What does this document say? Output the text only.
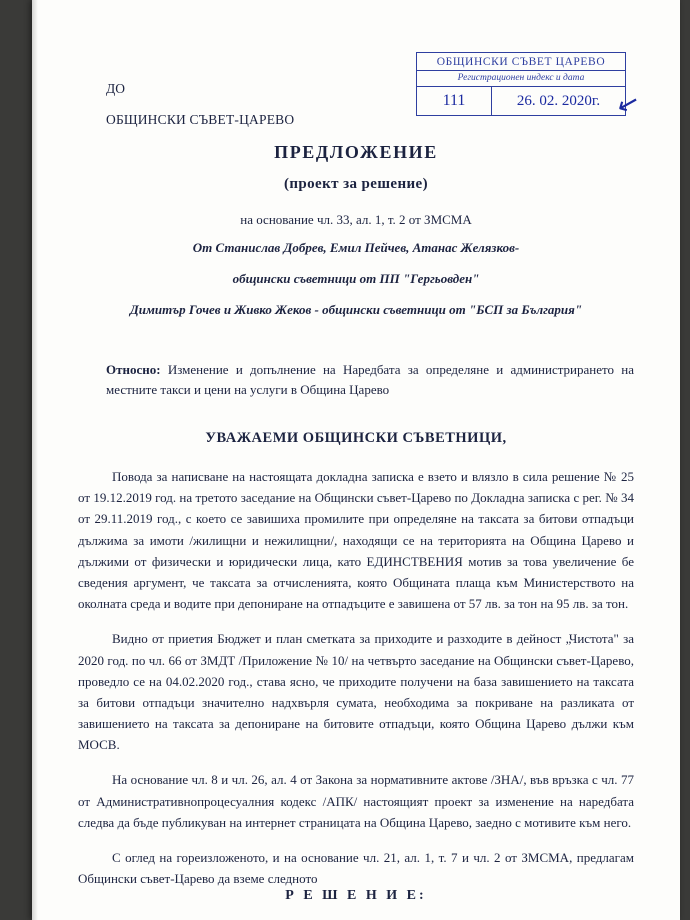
ОБЩИНСКИ СЪВЕТ ЦАРЕВО
Регистрационен индекс и дата
111	26. 02. 2020г. ↙
ДО
ОБЩИНСКИ СЪВЕТ-ЦАРЕВО
ПРЕДЛОЖЕНИЕ
(проект за решение)
на основание чл. 33, ал. 1, т. 2 от ЗМСМА
От Станислав Добрев, Емил Пейчев, Атанас Желязков-
общински съветници от ПП "Гергьовден"
Димитър Гочев и Живко Жеков - общински съветници от "БСП за България"
Относно: Изменение и допълнение на Наредбата за определяне и администрирането на местните такси и цени на услуги в Община Царево
УВАЖАЕМИ ОБЩИНСКИ СЪВЕТНИЦИ,

Повода за написване на настоящата докладна записка е взето и влязло в сила решение № 25 от 19.12.2019 год. на третото заседание на Общински съвет-Царево по Докладна записка с рег. № 34 от 29.11.2019 год., с което се завишиха промилите при определяне на таксата за битови отпадъци дължима за имоти /жилищни и нежилищни/, находящи се на територията на Община Царево и дължими от физически и юридически лица, като ЕДИНСТВЕНИЯ мотив за това увеличение бе сведения аргумент, че таксата за отчисленията, която Общината плаща към Министерството на околната среда и водите при депониране на отпадъците е завишена от 57 лв. за тон на 95 лв. за тон.

Видно от приетия Бюджет и план сметката за приходите и разходите в дейност „Чистота" за 2020 год. по чл. 66 от ЗМДТ /Приложение № 10/ на четвърто заседание на Общински съвет-Царево, проведло се на 04.02.2020 год., става ясно, че приходите получени на база завишението на таксата за битови отпадъци значително надхвърля сумата, необходима за покриване на разликата от завишението на таксата за депониране на битовите отпадъци, която Община Царево дължи към МОСВ.

На основание чл. 8 и чл. 26, ал. 4 от Закона за нормативните актове /ЗНА/, във връзка с чл. 77 от Административнопроцесуалния кодекс /АПК/ настоящият проект за изменение на наредбата следва да бъде публикуван на интернет страницата на Община Царево, заедно с мотивите към него.

С оглед на горeизложеното, и на основание чл. 21, ал. 1, т. 7 и чл. 2 от ЗМСМА, предлагам Общински съвет-Царево да вземе следното

Р Е Ш Е Н И Е:
